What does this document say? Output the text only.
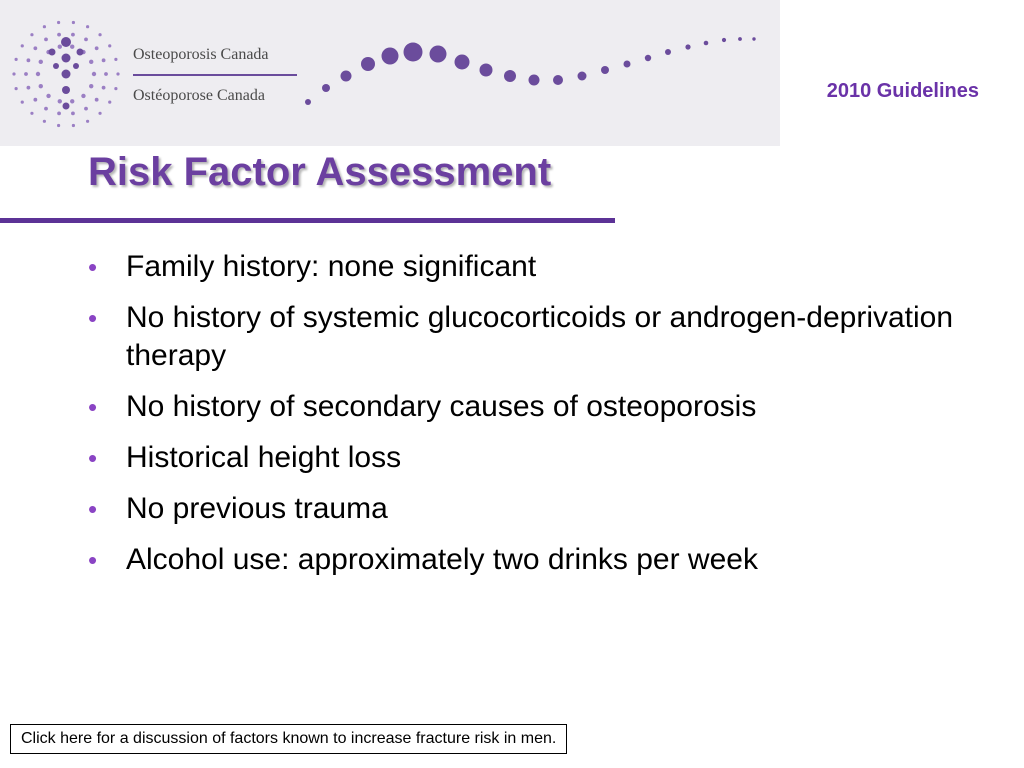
Osteoporosis Canada
Ostéoporose Canada	2010 Guidelines
Risk Factor Assessment
• Family history: none significant
• No history of systemic glucocorticoids or androgen-deprivation therapy
• No history of secondary causes of osteoporosis
• Historical height loss
• No previous trauma
• Alcohol use: approximately two drinks per week
Click here for a discussion of factors known to increase fracture risk in men.
